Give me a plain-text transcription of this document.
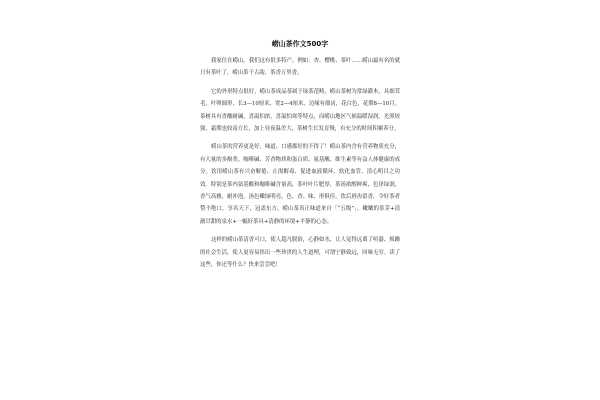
崂山茶作文500字

我家住在崂山，我们这有很多特产，例如：杏、樱桃、茶叶……崂山最有名的就只有茶叶了，崂山茶千古韵，茶香万里香。

它的外形特点很好，崂山茶成品茶属于绿茶范畴，崂山茶树为常绿灌木，具细茸毛，叶卵圆形，长3—10厘米，宽2—4厘米，边缘有细齿，花白色，花期8—10月。茶树具有喜酸耐碱，喜温怕浓，喜温怕寒等特点，而崂山地区气候温暖湿润，光照较强，霜期也较南方长，加上昼夜温差大，茶树生长发育慢，有充分的时间积累养分。

崂山茶的营养更是好，味道、口感都好的不得了！崂山茶内含有营养物质充分，有大量的多酚类、咖啡碱、芳香物质和蛋白质、氨基酸、维生素等有益人体健康的成分。饮用崂山茶有兴奋解倦、止渴解毒、促进血液循环、软化血管、清心明目之功效。特别是茶内氨基酸和咖啡碱含量高，茶叶叶片肥厚，茶汤浓醇鲜爽，色泽绿润，香气高雅，耐冲泡，汤色嫩绿明亮，色、香、味、形俱佳，饮后唇齿留香，令好茶者赞不绝口，享名天下，冠盖东方。崂山茶真正味道来自「“五级”」，嫩嫩的茶芽+清澈甘甜的泉水+一幅好茶具+清静的环境+平静的心态。

这样的崂山茶清香可口，使人超凡脱俗，心静如水，让人觉得远离了喧嚣、烦躁的社会生活，使人更容易悟出一些珍贵的人生道理，可谓宁静致远，回味无穷。读了这些，你还等什么？快来尝尝吧！
